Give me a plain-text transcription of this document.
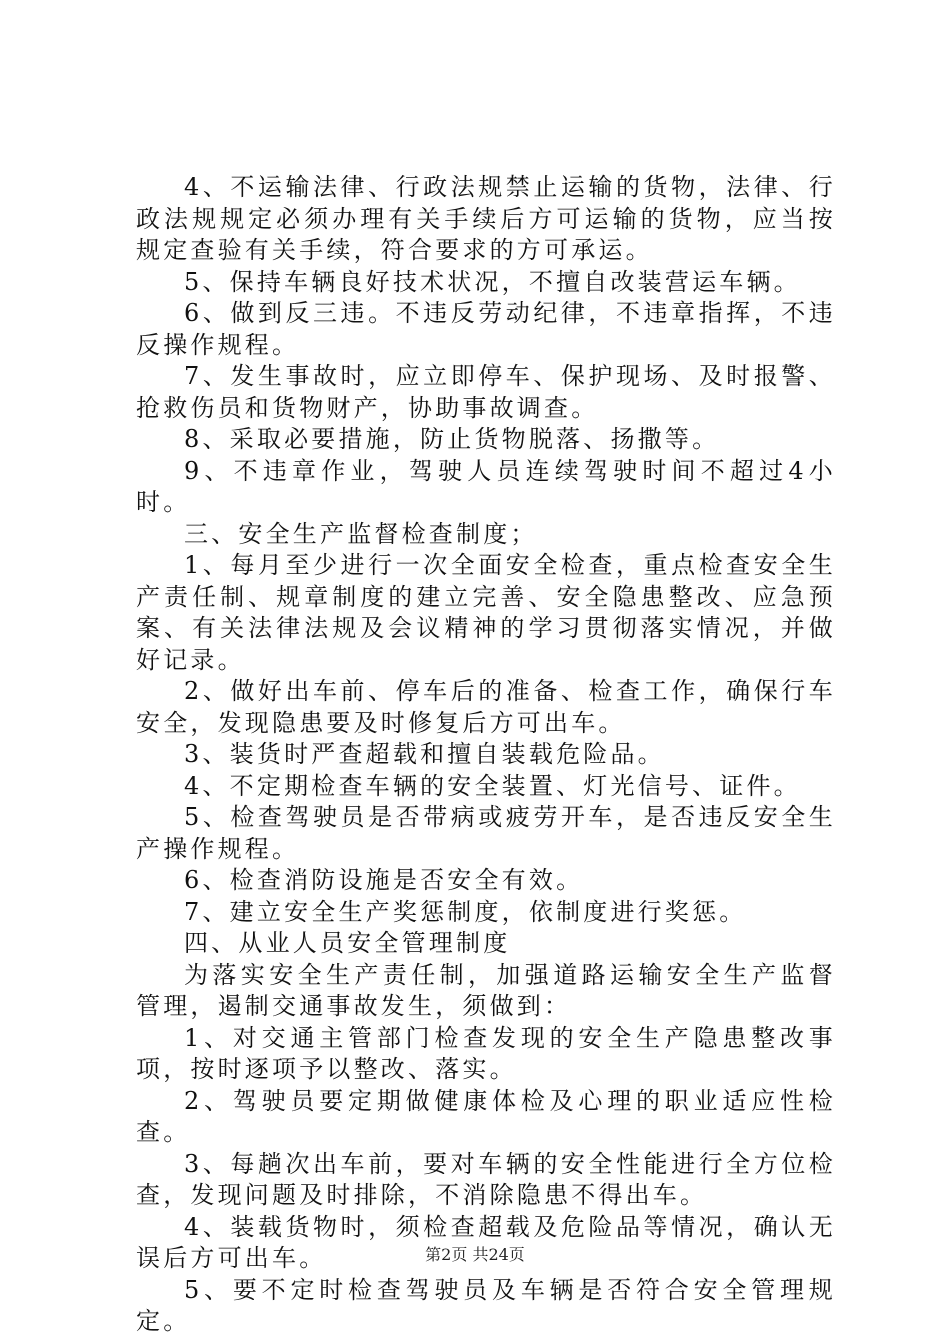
4、不运输法律、行政法规禁止运输的货物，法律、行政法规规定必须办理有关手续后方可运输的货物，应当按规定查验有关手续，符合要求的方可承运。

5、保持车辆良好技术状况，不擅自改装营运车辆。

6、做到反三违。不违反劳动纪律，不违章指挥，不违反操作规程。

7、发生事故时，应立即停车、保护现场、及时报警、抢救伤员和货物财产，协助事故调查。

8、采取必要措施，防止货物脱落、扬撒等。

9、不违章作业，驾驶人员连续驾驶时间不超过4小时。

三、安全生产监督检查制度；

1、每月至少进行一次全面安全检查，重点检查安全生产责任制、规章制度的建立完善、安全隐患整改、应急预案、有关法律法规及会议精神的学习贯彻落实情况，并做好记录。

2、做好出车前、停车后的准备、检查工作，确保行车安全，发现隐患要及时修复后方可出车。

3、装货时严查超载和擅自装载危险品。

4、不定期检查车辆的安全装置、灯光信号、证件。

5、检查驾驶员是否带病或疲劳开车，是否违反安全生产操作规程。

6、检查消防设施是否安全有效。

7、建立安全生产奖惩制度，依制度进行奖惩。

四、从业人员安全管理制度

为落实安全生产责任制，加强道路运输安全生产监督管理，遏制交通事故发生，须做到：

1、对交通主管部门检查发现的安全生产隐患整改事项，按时逐项予以整改、落实。

2、驾驶员要定期做健康体检及心理的职业适应性检查。

3、每趟次出车前，要对车辆的安全性能进行全方位检查，发现问题及时排除，不消除隐患不得出车。

4、装载货物时，须检查超载及危险品等情况，确认无误后方可出车。

5、要不定时检查驾驶员及车辆是否符合安全管理规定。

第2页 共24页
